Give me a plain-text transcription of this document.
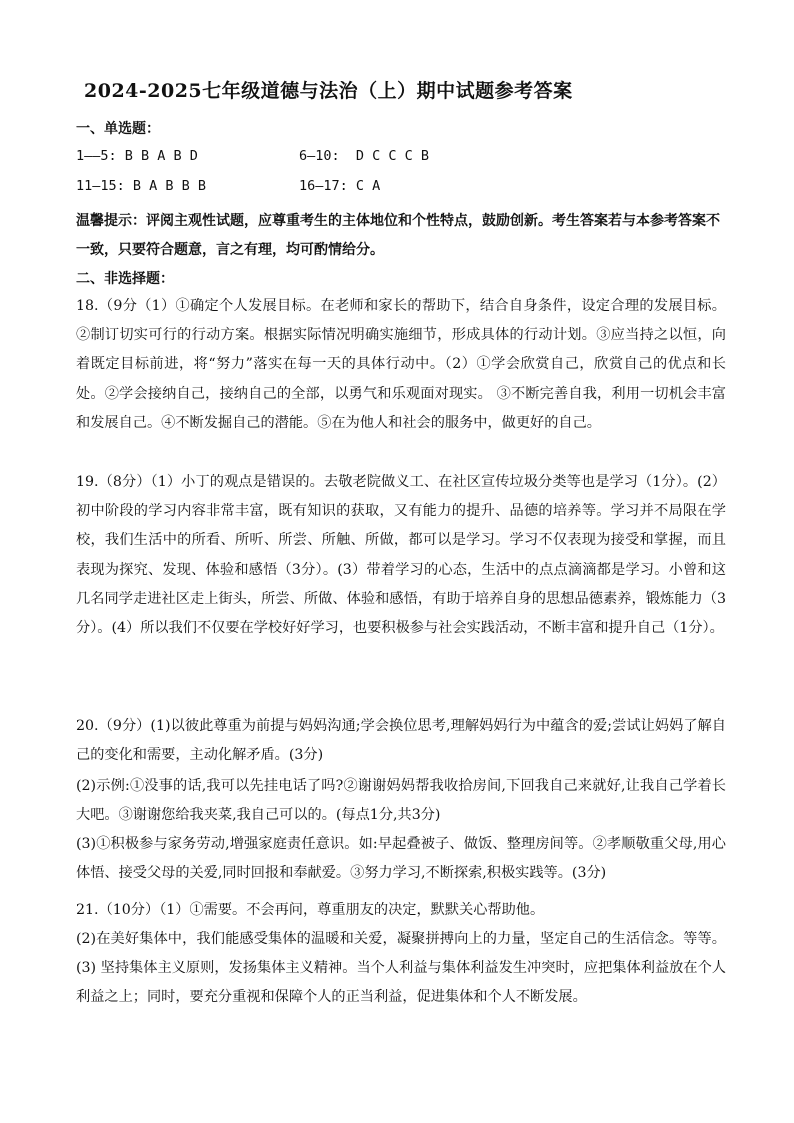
2024-2025七年级道德与法治（上）期中试题参考答案
一、单选题：
1——5: B B A B D	6—10:  D C C C B
11—15: B A B B B	16—17: C A
温馨提示：评阅主观性试题，应尊重考生的主体地位和个性特点，鼓励创新。考生答案若与本参考答案不一致，只要符合题意，言之有理，均可酌情给分。
二、非选择题：
18.（9分（1）①确定个人发展目标。在老师和家长的帮助下，结合自身条件，设定合理的发展目标。②制订切实可行的行动方案。根据实际情况明确实施细节，形成具体的行动计划。③应当持之以恒，向着既定目标前进，将“努力”落实在每一天的具体行动中。（2）①学会欣赏自己，欣赏自己的优点和长处。②学会接纳自己，接纳自己的全部，以勇气和乐观面对现实。 ③不断完善自我，利用一切机会丰富和发展自己。④不断发掘自己的潜能。⑤在为他人和社会的服务中，做更好的自己。
19.（8分）（1）小丁的观点是错误的。去敬老院做义工、在社区宣传垃圾分类等也是学习（1分）。(2）初中阶段的学习内容非常丰富，既有知识的获取，又有能力的提升、品德的培养等。学习并不局限在学校，我们生活中的所看、所听、所尝、所触、所做，都可以是学习。学习不仅表现为接受和掌握，而且表现为探究、发现、体验和感悟（3分）。(3）带着学习的心态，生活中的点点滴滴都是学习。小曾和这几名同学走进社区走上街头，所尝、所做、体验和感悟，有助于培养自身的思想品德素养，锻炼能力（3分）。(4）所以我们不仅要在学校好好学习，也要积极参与社会实践活动，不断丰富和提升自己（1分）。
20.（9分）(1)以彼此尊重为前提与妈妈沟通;学会换位思考,理解妈妈行为中蕴含的爱;尝试让妈妈了解自己的变化和需要，主动化解矛盾。(3分)
(2)示例:①没事的话,我可以先挂电话了吗?②谢谢妈妈帮我收拾房间,下回我自己来就好,让我自己学着长大吧。③谢谢您给我夹菜,我自己可以的。(每点1分,共3分)
(3)①积极参与家务劳动,增强家庭责任意识。如:早起叠被子、做饭、整理房间等。②孝顺敬重父母,用心体悟、接受父母的关爱,同时回报和奉献爱。③努力学习,不断探索,积极实践等。(3分)
21.（10分）（1）①需要。不会再问，尊重朋友的决定，默默关心帮助他。
(2)在美好集体中，我们能感受集体的温暖和关爱，凝聚拼搏向上的力量，坚定自己的生活信念。等等。 (3) 坚持集体主义原则，发扬集体主义精神。当个人利益与集体利益发生冲突时，应把集体利益放在个人利益之上；同时，要充分重视和保障个人的正当利益，促进集体和个人不断发展。
